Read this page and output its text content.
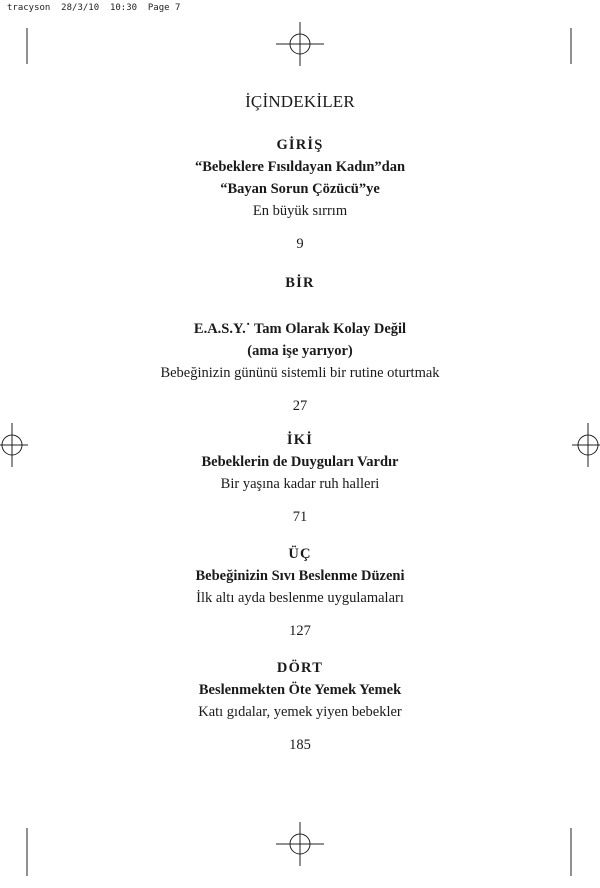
tracyson  28/3/10  10:30  Page 7
İÇİNDEKİLER
GİRİŞ
“Bebeklere Fısıldayan Kadın”dan
“Bayan Sorun Çözücü”ye
En büyük sırrım
9
BİR
E.A.S.Y.˙ Tam Olarak Kolay Değil
(ama işe yarıyor)
Bebeğinizin gününü sistemli bir rutine oturtmak
27
İKİ
Bebeklerin de Duyguları Vardır
Bir yaşına kadar ruh halleri
71
ÜÇ
Bebeğinizin Sıvı Beslenme Düzeni
İlk altı ayda beslenme uygulamaları
127
DÖRT
Beslenmekten Öte Yemek Yemek
Katı gıdalar, yemek yiyen bebekler
185
